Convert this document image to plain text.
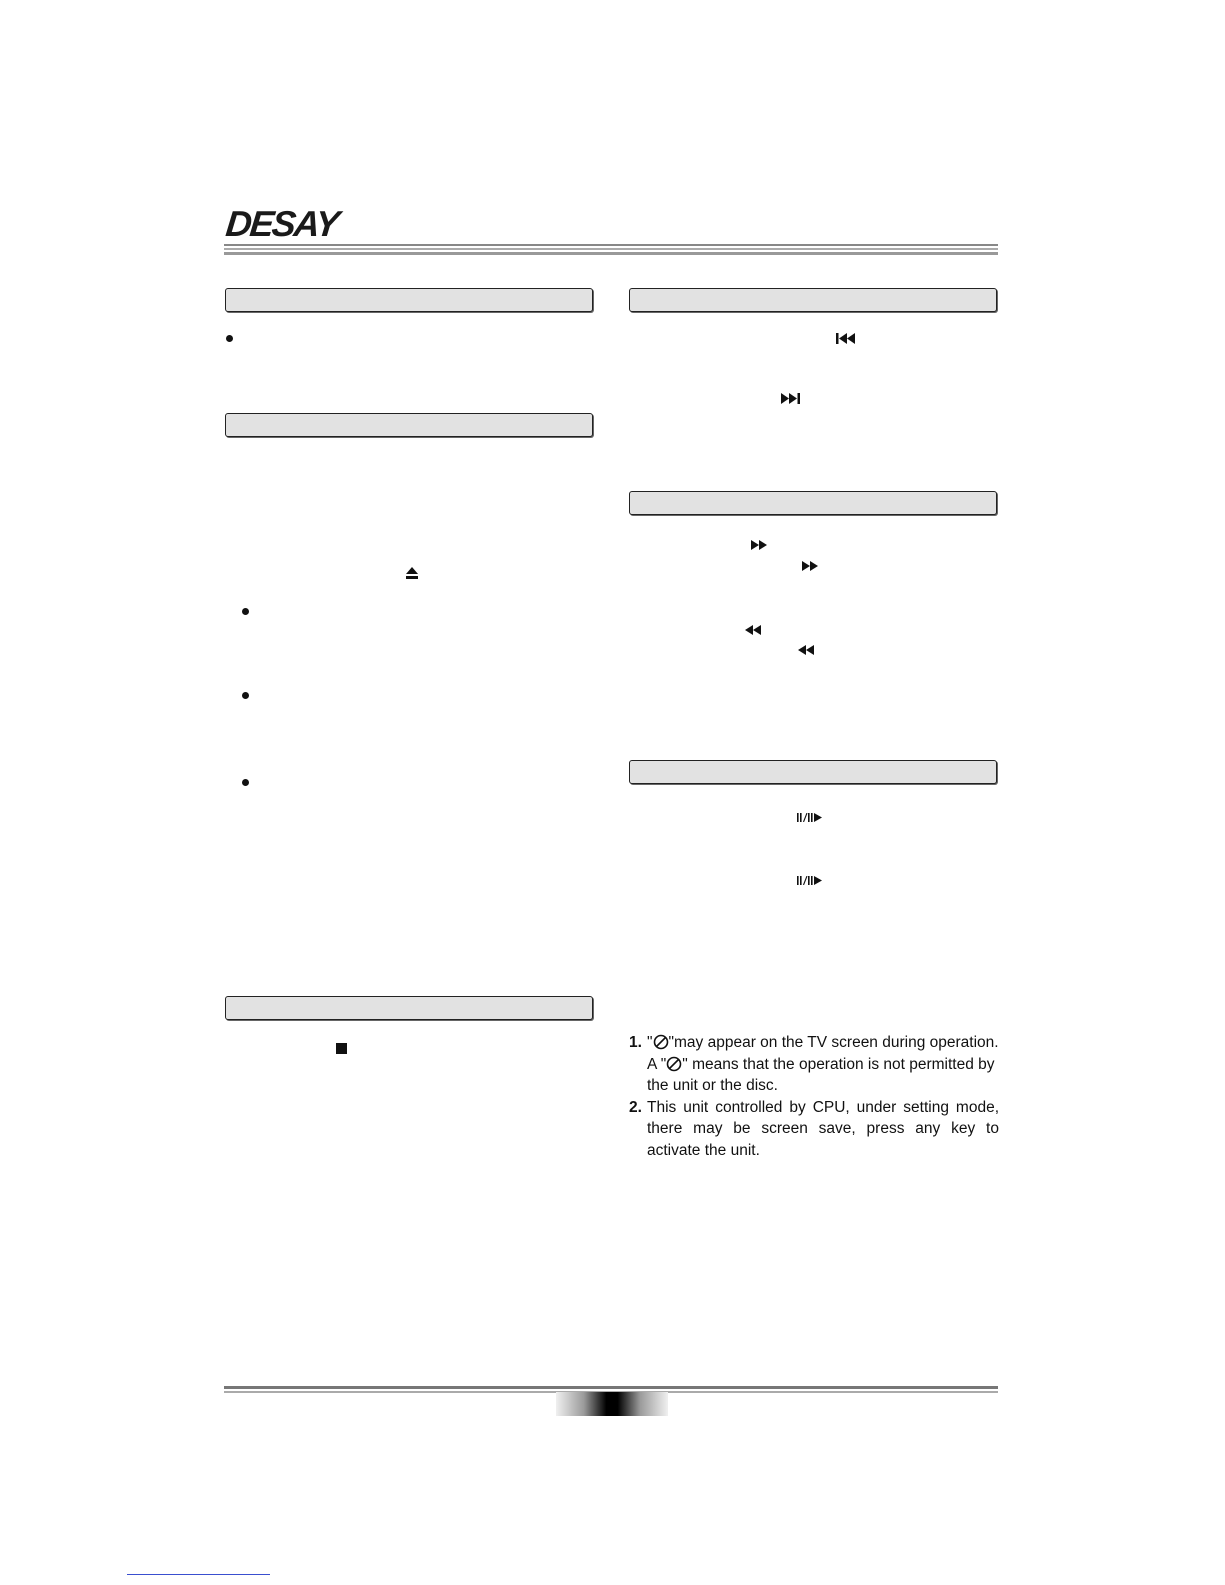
DESAY
1. " "may appear on the TV screen during operation.
A " " means that the operation is not permitted by
the unit or the disc.
2. This unit controlled by CPU, under setting mode, there may be screen save, press any key to activate the unit.
